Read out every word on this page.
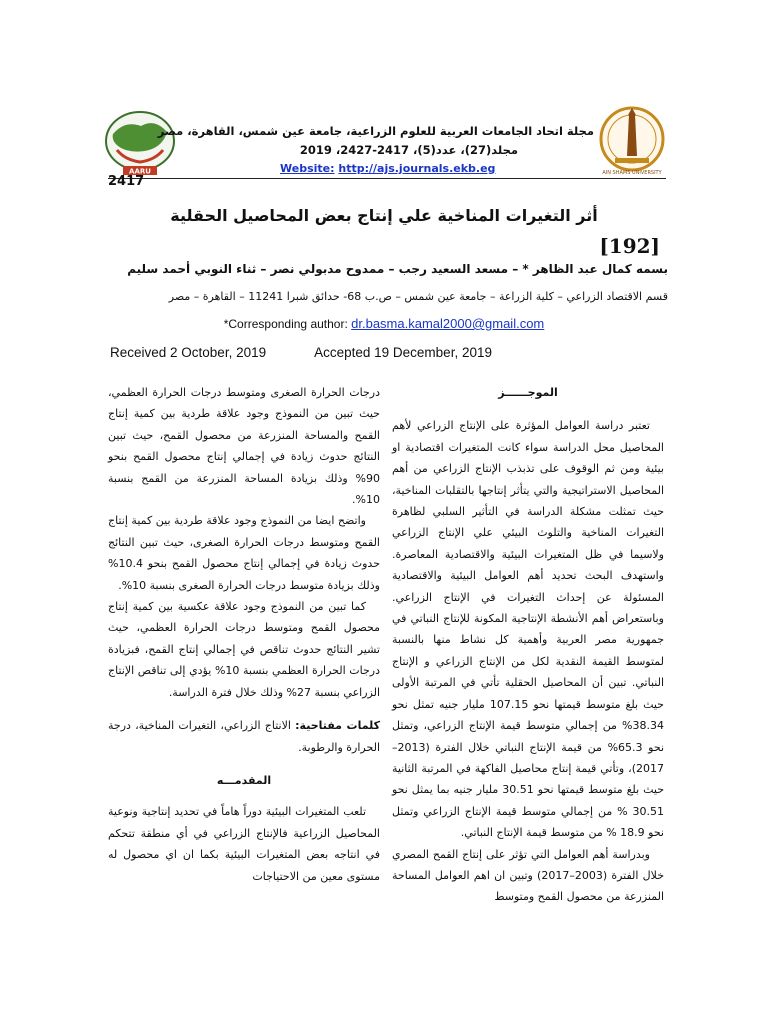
AARU	AIN SHAMS UNIVERSITY
مجلة اتحاد الجامعات العربية للعلوم الزراعية، جامعة عين شمس، القاهرة، مصر
مجلد(27)، عدد(5)، 2417-2427، 2019
Website: http://ajs.journals.ekb.eg
2417
أثر التغيرات المناخية علي إنتاج بعض المحاصيل الحقلية
[192]
بسمه كمال عبد الظاهر * – مسعد السعيد رجب – ممدوح مدبولي نصر – ثناء النوبي أحمد سليم
قسم الاقتصاد الزراعي – كلية الزراعة – جامعة عين شمس – ص.ب 68- حدائق شبرا 11241 – القاهرة – مصر
*Corresponding author: dr.basma.kamal2000@gmail.com
Received 2 October, 2019	Accepted 19 December, 2019

الموجــــــز

تعتبر دراسة العوامل المؤثرة على الإنتاج الزراعي لأهم المحاصيل محل الدراسة سواء كانت المتغيرات اقتصادية او بيئية ومن ثم الوقوف على تذبذب الإنتاج الزراعي من أهم المحاصيل الاستراتيجية والتي يتأثر إنتاجها بالتقلبات المناخية، حيث تمثلت مشكلة الدراسة في التأثير السلبي لظاهرة التغيرات المناخية والتلوث البيئي علي الإنتاج الزراعي ولاسيما في ظل المتغيرات البيئية والاقتصادية المعاصرة. واستهدف البحث تحديد أهم العوامل البيئية والاقتصادية المسئولة عن إحداث التغيرات في الإنتاج الزراعي. وباستعراض أهم الأنشطة الإنتاجية المكونة للإنتاج النباتي في جمهورية مصر العربية وأهمية كل نشاط منها بالنسبة لمتوسط القيمة النقدية لكل من الإنتاج الزراعي و الإنتاج النباتي. تبين أن المحاصيل الحقلية تأتي في المرتبة الأولى حيث بلغ متوسط قيمتها نحو 107.15 مليار جنيه تمثل نحو 38.34% من إجمالي متوسط قيمة الإنتاج الزراعي، وتمثل نحو 65.3% من قيمة الإنتاج النباتي خلال الفترة (2013–2017)، وتأتي قيمة إنتاج محاصيل الفاكهة في المرتبة الثانية حيث بلغ متوسط قيمتها نحو 30.51 مليار جنيه بما يمثل نحو 30.51 % من إجمالي متوسط قيمة الإنتاج الزراعي وتمثل نحو 18.9 % من متوسط قيمة الإنتاج النباتي.

وبدراسة أهم العوامل التي تؤثر على إنتاج القمح المصري خلال الفترة (2003–2017) وتبين ان اهم العوامل المساحة المنزرعة من محصول القمح ومتوسط

درجات الحرارة الصغرى ومتوسط درجات الحرارة العظمي، حيث تبين من النموذج وجود علاقة طردية بين كمية إنتاج القمح والمساحة المنزرعة من محصول القمح، حيث تبين النتائج حدوث زيادة في إجمالي إنتاج محصول القمح بنحو 90% وذلك بزيادة المساحة المنزرعة من القمح بنسبة 10%.

واتضح ايضا من النموذج وجود علاقة طردية بين كمية إنتاج القمح ومتوسط درجات الحرارة الصغرى، حيث تبين النتائج حدوث زيادة في إجمالي إنتاج محصول القمح بنحو 10.4% وذلك بزيادة متوسط درجات الحرارة الصغرى بنسبة 10%.

كما تبين من النموذج وجود علاقة عكسية بين كمية إنتاج محصول القمح ومتوسط درجات الحرارة العظمي، حيث تشير النتائج حدوث تناقص في إجمالي إنتاج القمح، فبزيادة درجات الحرارة العظمي بنسبة 10% يؤدي إلى تناقص الإنتاج الزراعي بنسبة 27% وذلك خلال فترة الدراسة.

كلمات مفتاحية: الانتاج الزراعي، التغيرات المناخية، درجة الحرارة والرطوبة.

المقدمـــه

تلعب المتغيرات البيئية دوراً هاماً في تحديد إنتاجية ونوعية المحاصيل الزراعية فالإنتاج الزراعي في أي منطقة تتحكم في انتاجه بعض المتغيرات البيئية بكما ان اي محصول له مستوى معين من الاحتياجات
